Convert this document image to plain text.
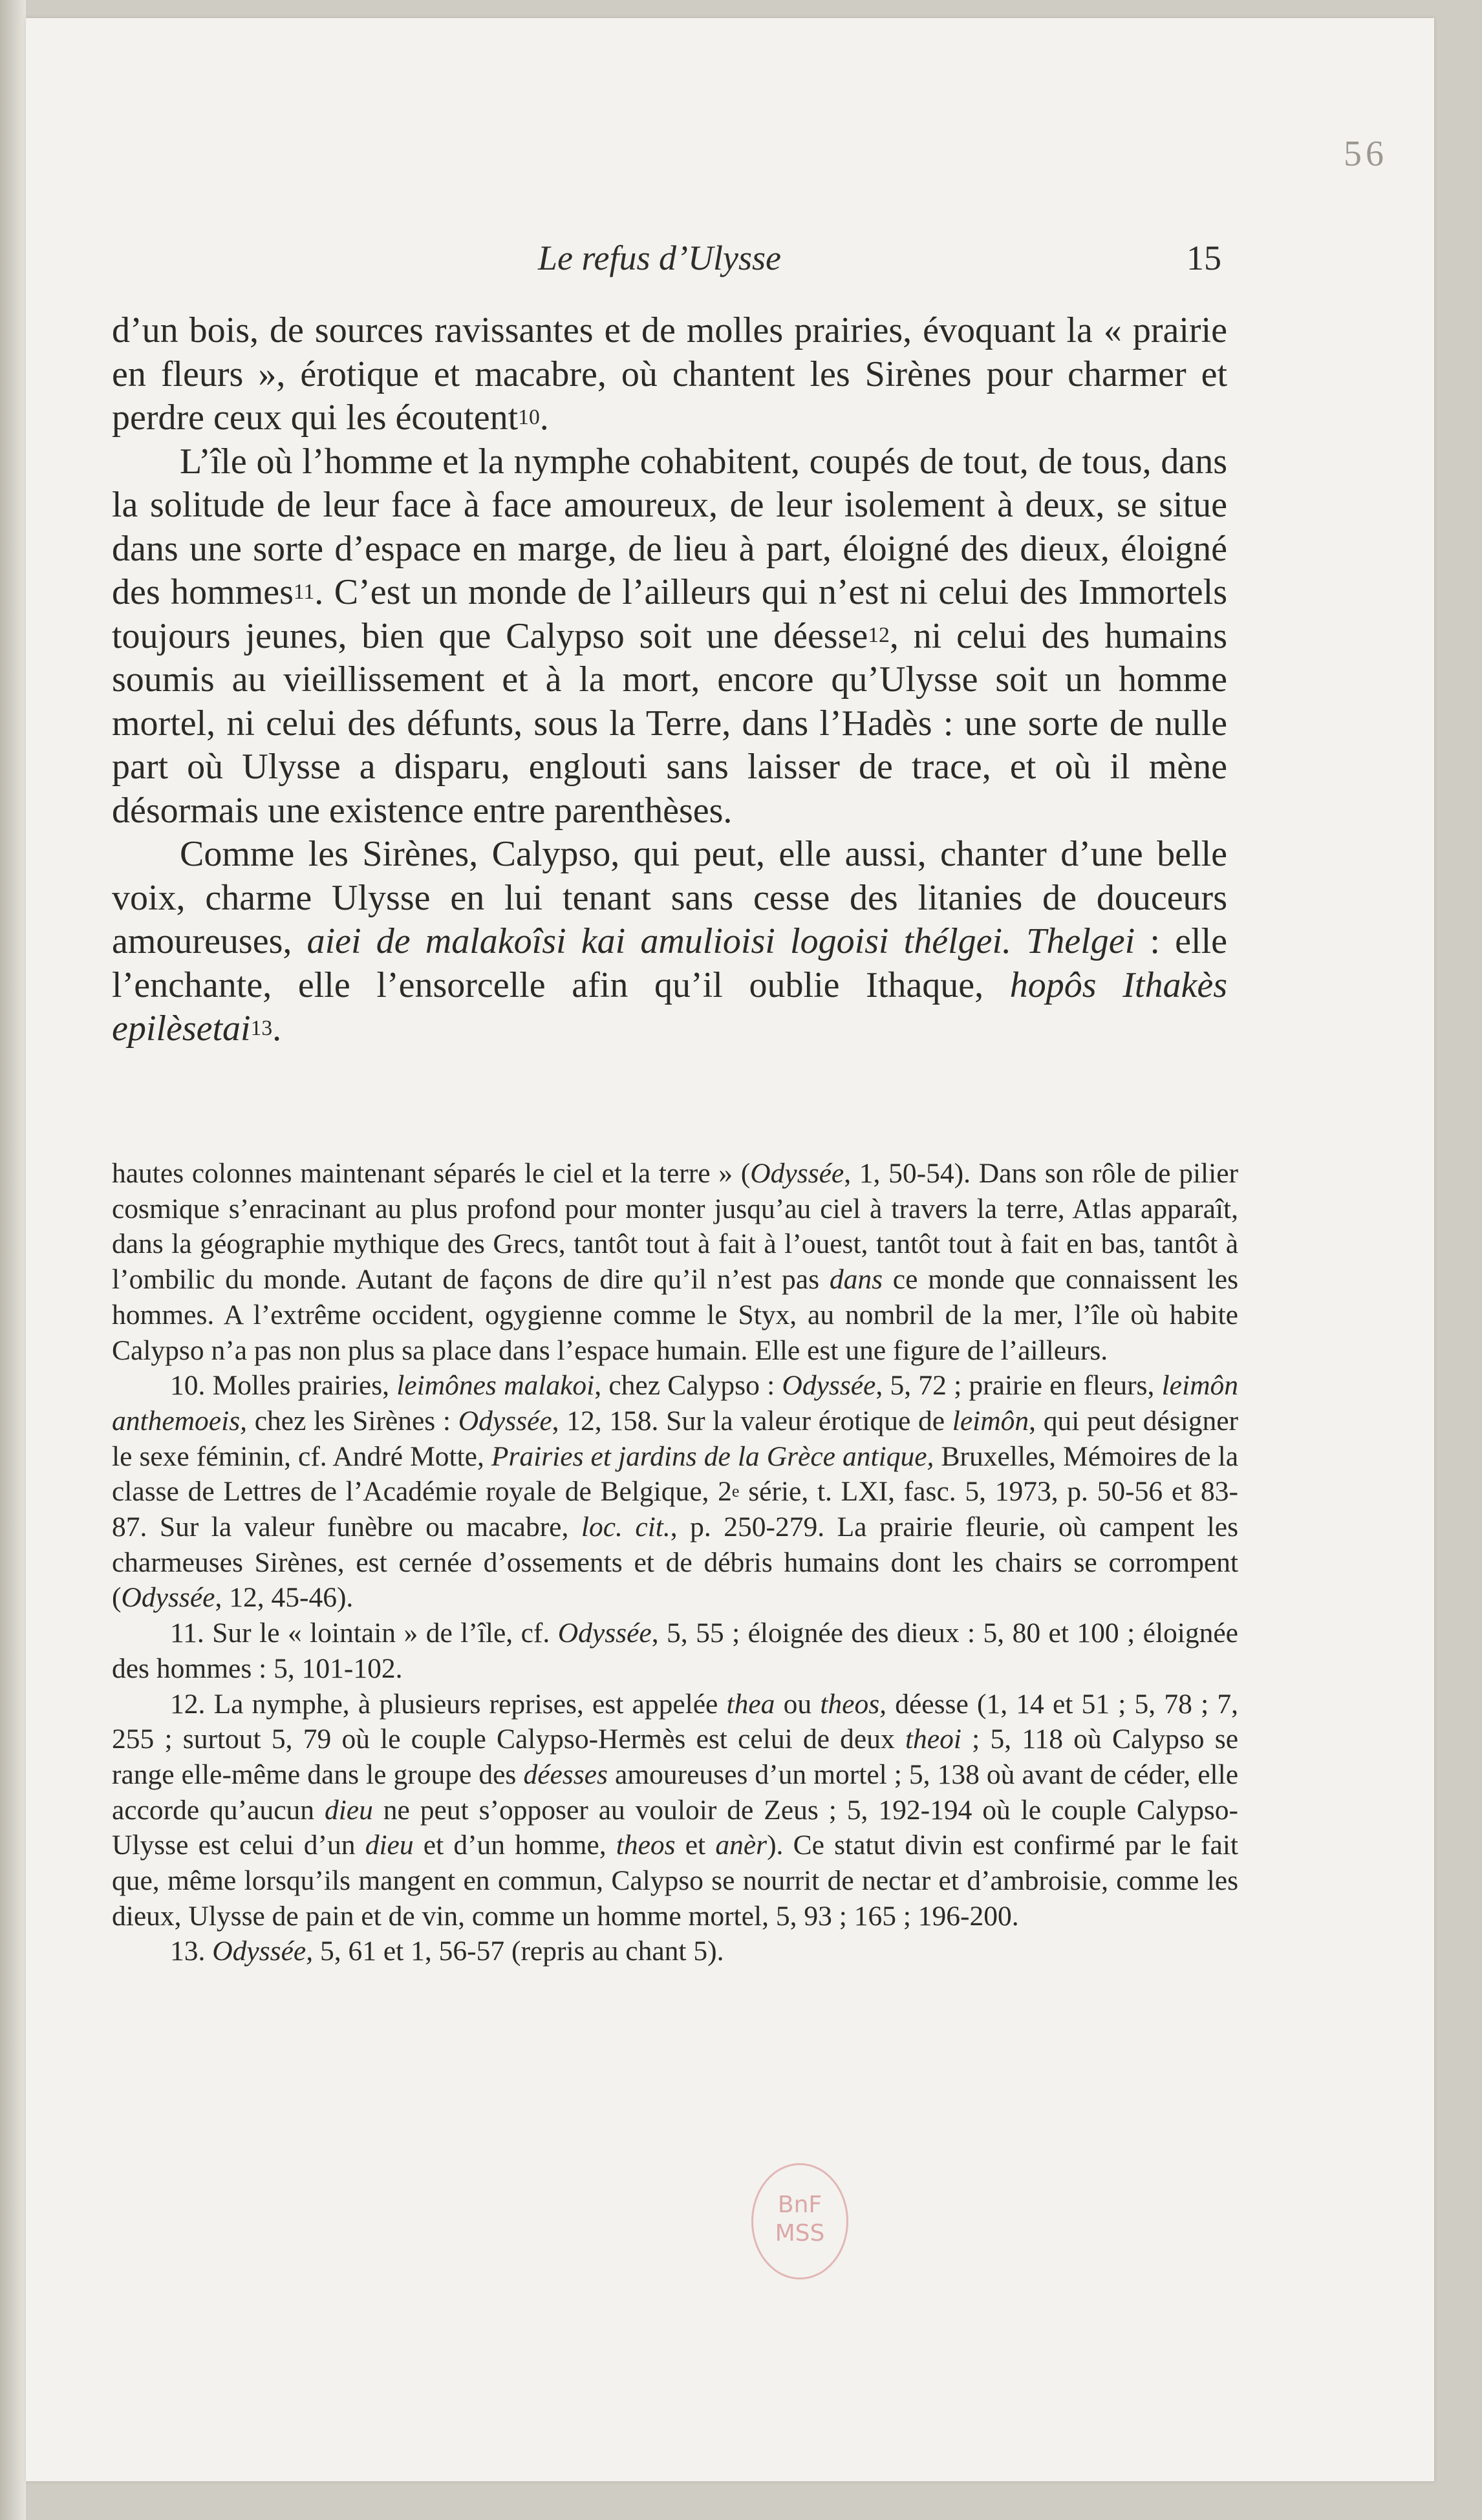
56
Le refus d’Ulysse	15

d’un bois, de sources ravissantes et de molles prairies, évoquant la « prairie en fleurs », érotique et macabre, où chantent les Sirènes pour charmer et perdre ceux qui les écoutent$^{10}$.

L’île où l’homme et la nymphe cohabitent, coupés de tout, de tous, dans la solitude de leur face à face amoureux, de leur isolement à deux, se situe dans une sorte d’espace en marge, de lieu à part, éloigné des dieux, éloigné des hommes$^{11}$. C’est un monde de l’ailleurs qui n’est ni celui des Immortels toujours jeunes, bien que Calypso soit une déesse$^{12}$, ni celui des humains soumis au vieillissement et à la mort, encore qu’Ulysse soit un homme mortel, ni celui des défunts, sous la Terre, dans l’Hadès : une sorte de nulle part où Ulysse a disparu, englouti sans laisser de trace, et où il mène désormais une existence entre parenthèses.

Comme les Sirènes, Calypso, qui peut, elle aussi, chanter d’une belle voix, charme Ulysse en lui tenant sans cesse des litanies de douceurs amoureuses, aiei de malakoîsi kai amulioisi logoisi thélgei. Thelgei : elle l’enchante, elle l’ensorcelle afin qu’il oublie Ithaque, hopôs Ithakès epilèsetai$^{13}$.

hautes colonnes maintenant séparés le ciel et la terre » (Odyssée, 1, 50-54). Dans son rôle de pilier cosmique s’enracinant au plus profond pour monter jusqu’au ciel à travers la terre, Atlas apparaît, dans la géographie mythique des Grecs, tantôt tout à fait à l’ouest, tantôt tout à fait en bas, tantôt à l’ombilic du monde. Autant de façons de dire qu’il n’est pas dans ce monde que connaissent les hommes. A l’extrême occident, ogygienne comme le Styx, au nombril de la mer, l’île où habite Calypso n’a pas non plus sa place dans l’espace humain. Elle est une figure de l’ailleurs.

10. Molles prairies, leimônes malakoi, chez Calypso : Odyssée, 5, 72 ; prairie en fleurs, leimôn anthemoeis, chez les Sirènes : Odyssée, 12, 158. Sur la valeur érotique de leimôn, qui peut désigner le sexe féminin, cf. André Motte, Prairies et jardins de la Grèce antique, Bruxelles, Mémoires de la classe de Lettres de l’Académie royale de Belgique, 2e série, t. LXI, fasc. 5, 1973, p. 50-56 et 83-87. Sur la valeur funèbre ou macabre, loc. cit., p. 250-279. La prairie fleurie, où campent les charmeuses Sirènes, est cernée d’ossements et de débris humains dont les chairs se corrompent (Odyssée, 12, 45-46).

11. Sur le « lointain » de l’île, cf. Odyssée, 5, 55 ; éloignée des dieux : 5, 80 et 100 ; éloignée des hommes : 5, 101-102.

12. La nymphe, à plusieurs reprises, est appelée thea ou theos, déesse (1, 14 et 51 ; 5, 78 ; 7, 255 ; surtout 5, 79 où le couple Calypso-Hermès est celui de deux theoi ; 5, 118 où Calypso se range elle-même dans le groupe des déesses amoureuses d’un mortel ; 5, 138 où avant de céder, elle accorde qu’aucun dieu ne peut s’opposer au vouloir de Zeus ; 5, 192-194 où le couple Calypso-Ulysse est celui d’un dieu et d’un homme, theos et anèr). Ce statut divin est confirmé par le fait que, même lorsqu’ils mangent en commun, Calypso se nourrit de nectar et d’ambroisie, comme les dieux, Ulysse de pain et de vin, comme un homme mortel, 5, 93 ; 165 ; 196-200.

13. Odyssée, 5, 61 et 1, 56-57 (repris au chant 5).

BnF
MSS
